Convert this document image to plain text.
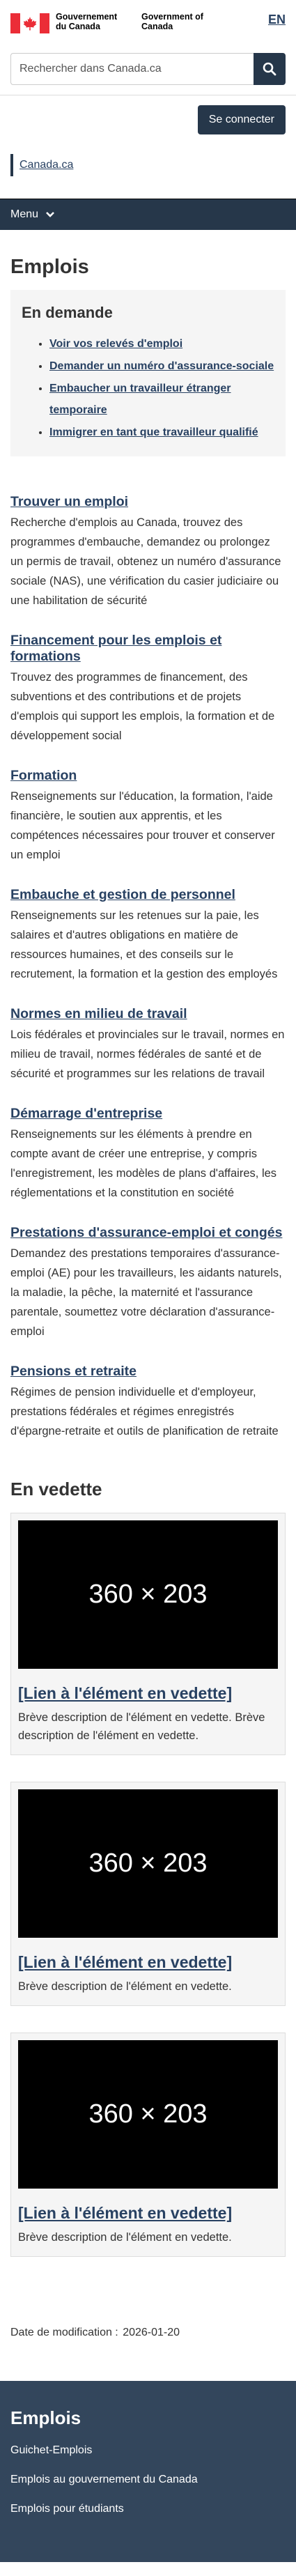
Gouvernement du Canada
Government of Canada	EN
Rechercher dans Canada.ca
Se connecter
Canada.ca
Menu
Emplois
En demande
• Voir vos relevés d'emploi
• Demander un numéro d'assurance-sociale
• Embaucher un travailleur étranger temporaire
• Immigrer en tant que travailleur qualifié
Trouver un emploi

Recherche d'emplois au Canada, trouvez des programmes d'embauche, demandez ou prolongez un permis de travail, obtenez un numéro d'assurance sociale (NAS), une vérification du casier judiciaire ou une habilitation de sécurité

Financement pour les emplois et formations

Trouvez des programmes de financement, des subventions et des contributions et de projets d'emplois qui support les emplois, la formation et de développement social

Formation

Renseignements sur l'éducation, la formation, l'aide financière, le soutien aux apprentis, et les compétences nécessaires pour trouver et conserver un emploi

Embauche et gestion de personnel

Renseignements sur les retenues sur la paie, les salaires et d'autres obligations en matière de ressources humaines, et des conseils sur le recrutement, la formation et la gestion des employés

Normes en milieu de travail

Lois fédérales et provinciales sur le travail, normes en milieu de travail, normes fédérales de santé et de sécurité et programmes sur les relations de travail

Démarrage d'entreprise

Renseignements sur les éléments à prendre en compte avant de créer une entreprise, y compris l'enregistrement, les modèles de plans d'affaires, les réglementations et la constitution en société

Prestations d'assurance-emploi et congés

Demandez des prestations temporaires d'assurance-emploi (AE) pour les travailleurs, les aidants naturels, la maladie, la pêche, la maternité et l'assurance parentale, soumettez votre déclaration d'assurance-emploi

Pensions et retraite

Régimes de pension individuelle et d'employeur, prestations fédérales et régimes enregistrés d'épargne-retraite et outils de planification de retraite

En vedette
360 × 203
[Lien à l'élément en vedette]

Brève description de l'élément en vedette. Brève description de l'élément en vedette.

360 × 203
[Lien à l'élément en vedette]

Brève description de l'élément en vedette.

360 × 203
[Lien à l'élément en vedette]

Brève description de l'élément en vedette.

Date de modification : 2026-01-20

Emplois
Guichet-Emplois
Emplois au gouvernement du Canada
Emplois pour étudiants
